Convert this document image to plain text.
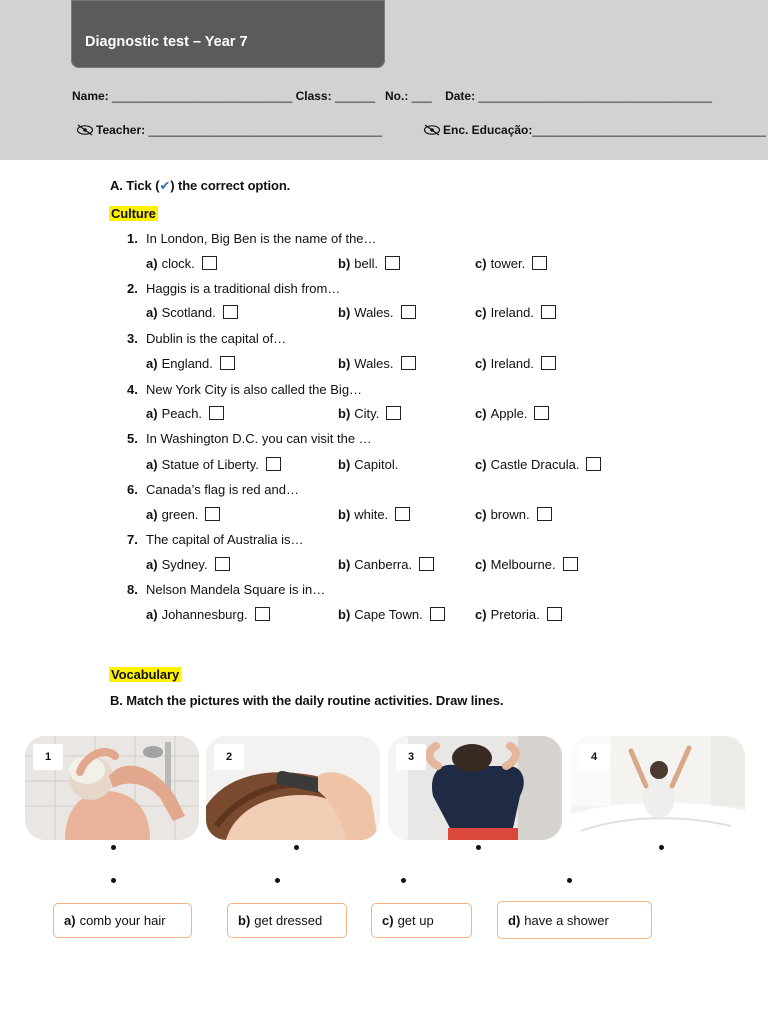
Diagnostic test – Year 7
Name: ___________________________ Class: ______ No.: ___ Date: ___________________________________
Teacher: ___________________________________	Enc. Educação:___________________________________
A. Tick (✔) the correct option.
Culture
1. In London, Big Ben is the name of the…
a) clock.	b) bell.	c) tower.
2. Haggis is a traditional dish from…
a) Scotland.	b) Wales.	c) Ireland.
3. Dublin is the capital of…
a) England.	b) Wales.	c) Ireland.
4. New York City is also called the Big…
a) Peach.	b) City.	c) Apple.
5. In Washington D.C. you can visit the …
a) Statue of Liberty.	b) Capitol.	c) Castle Dracula.
6. Canada’s flag is red and…
a) green.	b) white.	c) brown.
7. The capital of Australia is…
a) Sydney.	b) Canberra.	c) Melbourne.
8. Nelson Mandela Square is in…
a) Johannesburg.	b) Cape Town.	c) Pretoria.
Vocabulary
B. Match the pictures with the daily routine activities. Draw lines.
1	2	3	4
a) comb your hair	b) get dressed	c) get up	d) have a shower
